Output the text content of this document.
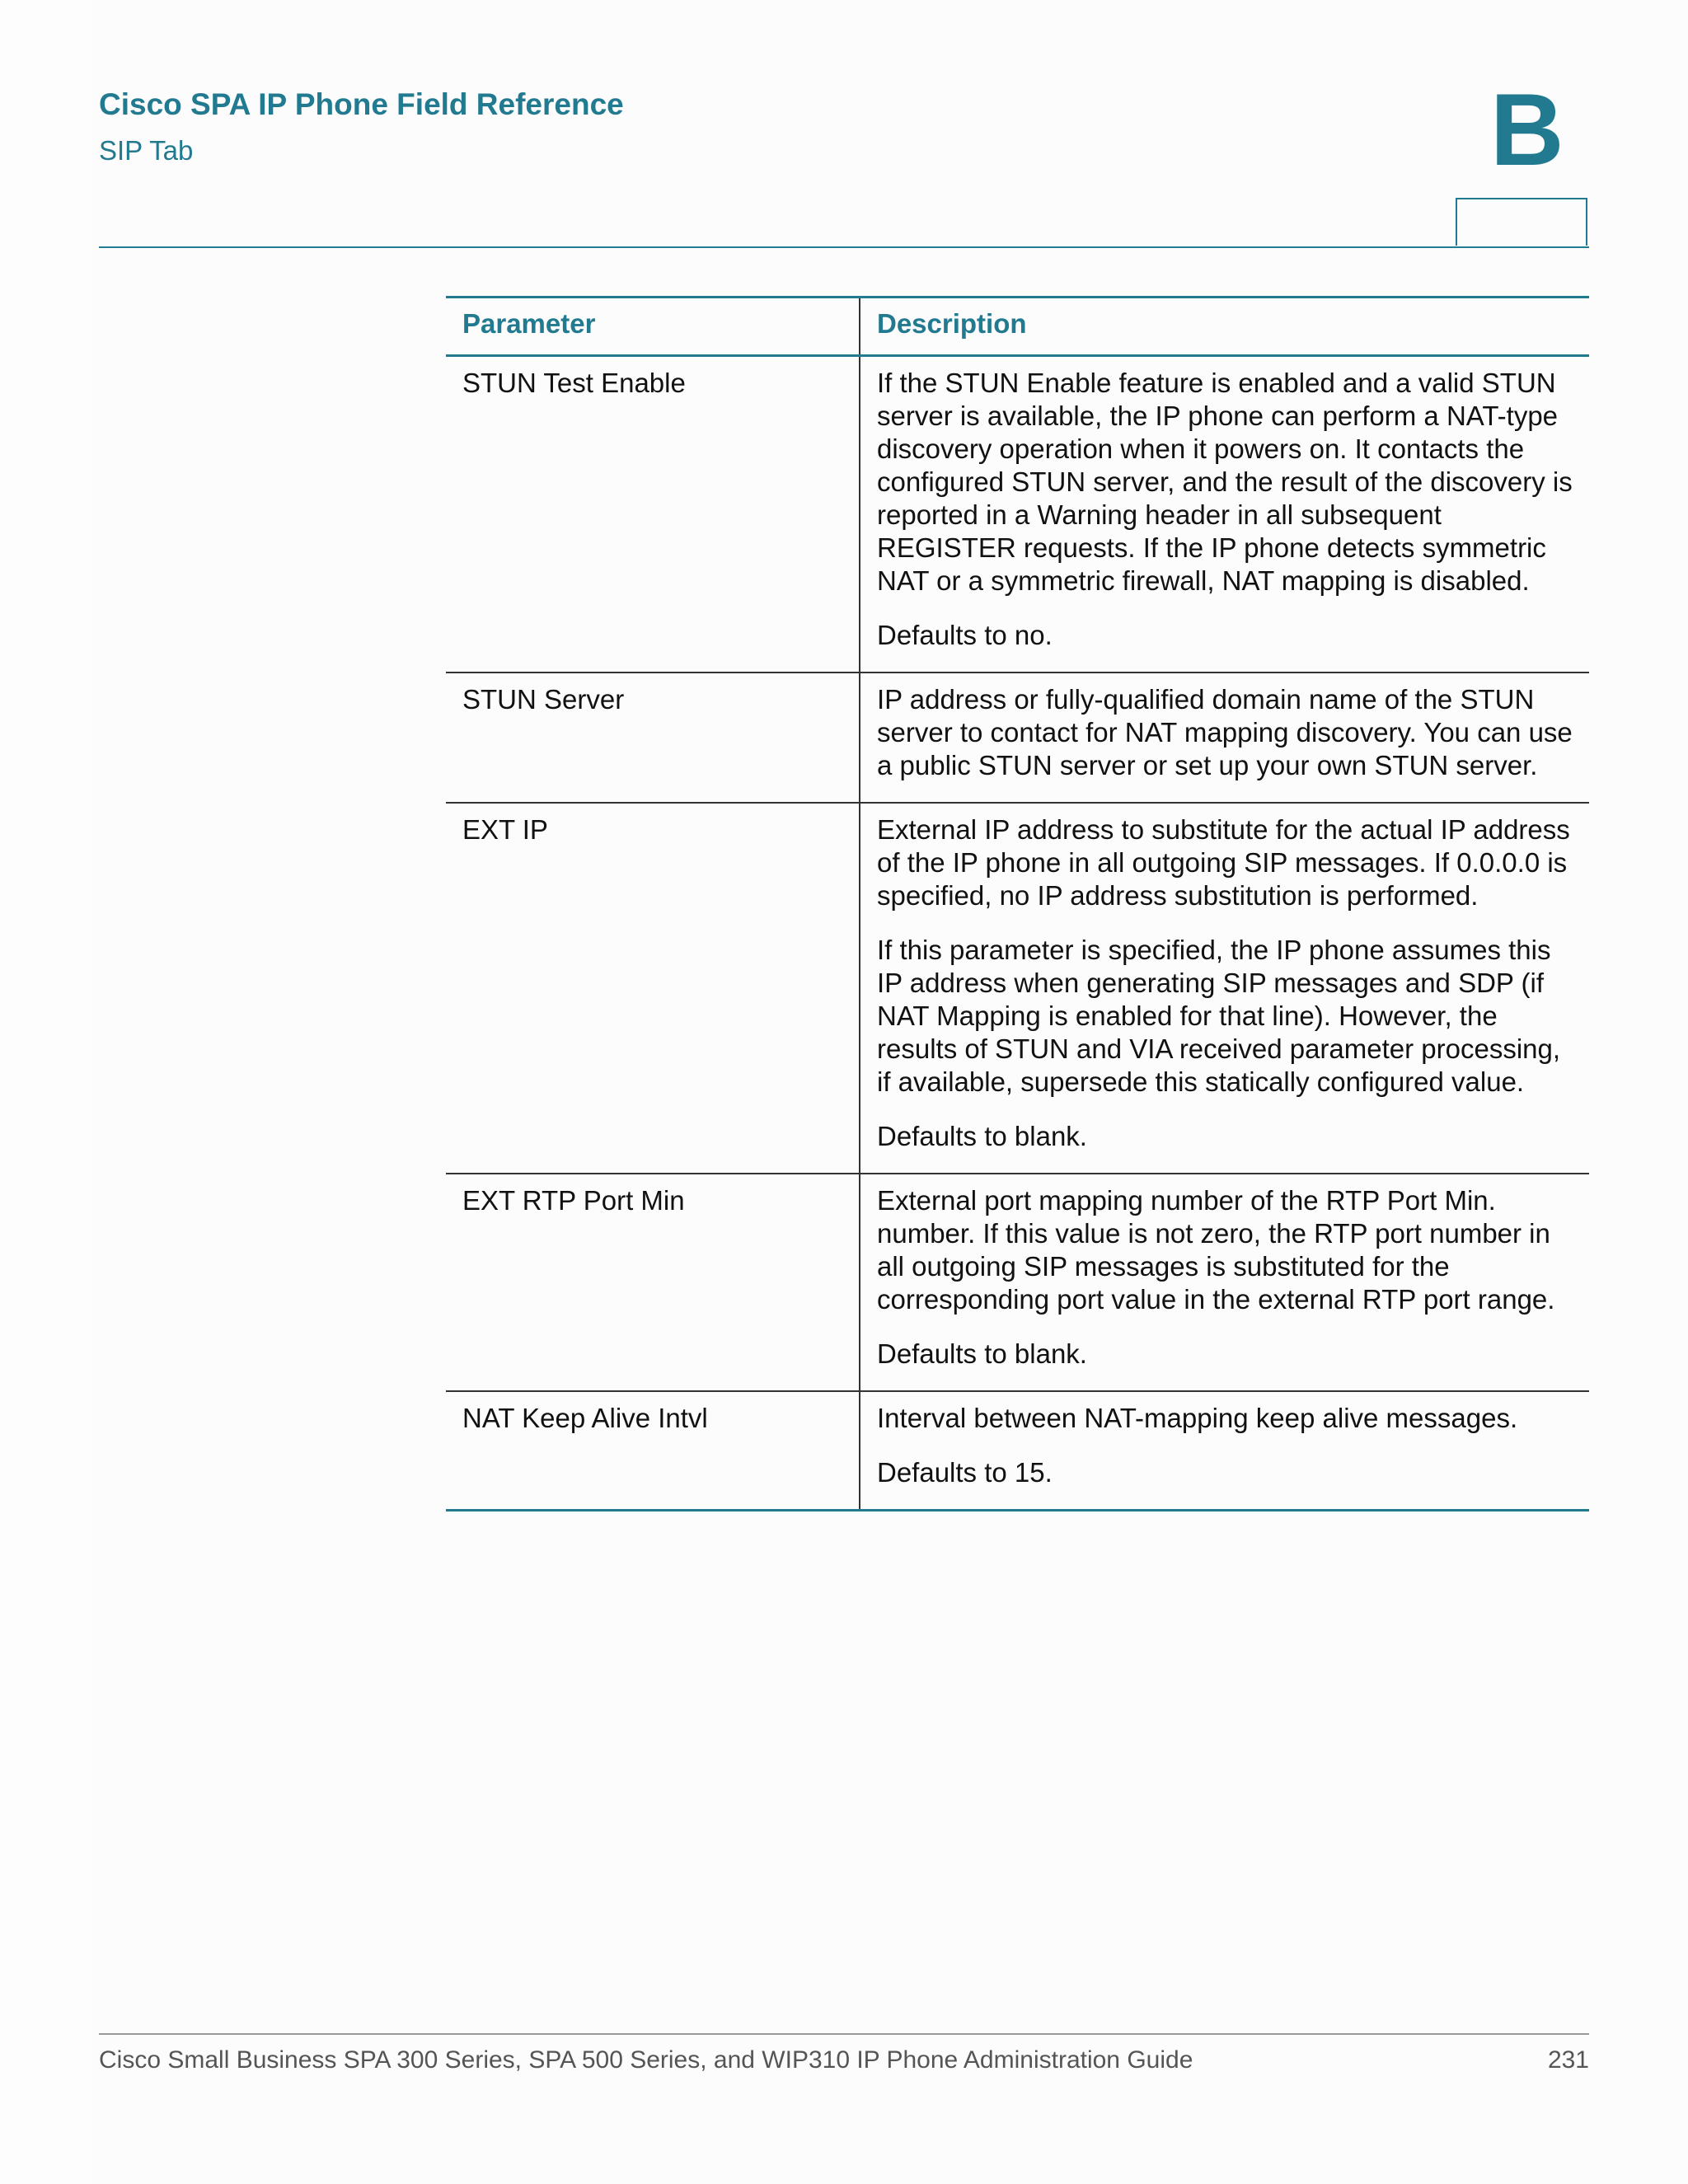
Cisco SPA IP Phone Field Reference
SIP Tab	B
Parameter	Description
STUN Test Enable	If the STUN Enable feature is enabled and a valid STUN server is available, the IP phone can perform a NAT-type discovery operation when it powers on. It contacts the configured STUN server, and the result of the discovery is reported in a Warning header in all subsequent REGISTER requests. If the IP phone detects symmetric NAT or a symmetric firewall, NAT mapping is disabled.

Defaults to no.

STUN Server	IP address or fully-qualified domain name of the STUN server to contact for NAT mapping discovery. You can use a public STUN server or set up your own STUN server.

EXT IP	External IP address to substitute for the actual IP address of the IP phone in all outgoing SIP messages. If 0.0.0.0 is specified, no IP address substitution is performed.

If this parameter is specified, the IP phone assumes this IP address when generating SIP messages and SDP (if NAT Mapping is enabled for that line). However, the results of STUN and VIA received parameter processing, if available, supersede this statically configured value.

Defaults to blank.

EXT RTP Port Min	External port mapping number of the RTP Port Min. number. If this value is not zero, the RTP port number in all outgoing SIP messages is substituted for the corresponding port value in the external RTP port range.

Defaults to blank.

NAT Keep Alive Intvl	Interval between NAT-mapping keep alive messages.

Defaults to 15.

Cisco Small Business SPA 300 Series, SPA 500 Series, and WIP310 IP Phone Administration Guide	231
